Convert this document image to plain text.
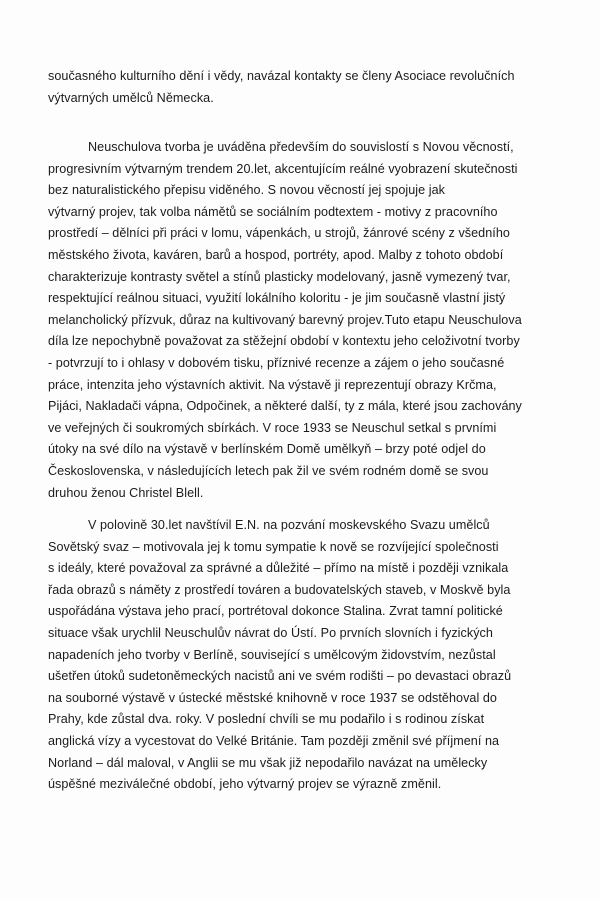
současného kulturního dění i vědy, navázal kontakty se členy Asociace revolučních
výtvarných umělců Německa.
Neuschulova tvorba je uváděna především do souvislostí s Novou věcností,
progresivním výtvarným trendem 20.let, akcentujícím reálné vyobrazení skutečnosti
bez naturalistického přepisu viděného. S novou věcností jej spojuje jak
výtvarný projev, tak volba námětů se sociálním podtextem - motivy z pracovního
prostředí – dělníci při práci v lomu, vápenkách, u strojů, žánrové scény z všedního
městského života, kaváren, barů a hospod, portréty, apod. Malby z tohoto období
charakterizuje kontrasty světel a stínů plasticky modelovaný, jasně vymezený tvar,
respektující reálnou situaci, využití lokálního koloritu - je jim současně vlastní jistý
melancholický přízvuk, důraz na kultivovaný barevný projev.Tuto etapu Neuschulova
díla lze nepochybně považovat za stěžejní období v kontextu jeho celoživotní tvorby
- potvrzují to i ohlasy v dobovém tisku, příznivé recenze a zájem o jeho současné
práce, intenzita jeho výstavních aktivit. Na výstavě ji reprezentují obrazy Krčma,
Pijáci, Nakladači vápna, Odpočinek, a některé další, ty z mála, které jsou zachovány
ve veřejných či soukromých sbírkách. V roce 1933 se Neuschul setkal s prvními
útoky na své dílo na výstavě v berlínském Domě umělkyň – brzy poté odjel do
Československa, v následujících letech pak žil ve svém rodném domě se svou
druhou ženou Christel Blell.
V polovině 30.let navštívil E.N. na pozvání moskevského Svazu umělců
Sovětský svaz – motivovala jej k tomu sympatie k nově se rozvíjející společnosti
s ideály, které považoval za správné a důležité – přímo na místě i později vznikala
řada obrazů s náměty z prostředí továren a budovatelských staveb, v Moskvě byla
uspořádána výstava jeho prací, portrétoval dokonce Stalina. Zvrat tamní politické
situace však urychlil Neuschulův návrat do Ústí. Po prvních slovních i fyzických
napadeních jeho tvorby v Berlíně, související s umělcovým židovstvím, nezůstal
ušetřen útoků sudetoněmeckých nacistů ani ve svém rodišti – po devastaci obrazů
na souborné výstavě v ústecké městské knihovně v roce 1937 se odstěhoval do
Prahy, kde zůstal dva. roky. V poslední chvíli se mu podařilo i s rodinou získat
anglická vízy a vycestovat do Velké Británie. Tam později změnil své příjmení na
Norland – dál maloval, v Anglii se mu však již nepodařilo navázat na umělecky
úspěšné meziválečné období, jeho výtvarný projev se výrazně změnil.
